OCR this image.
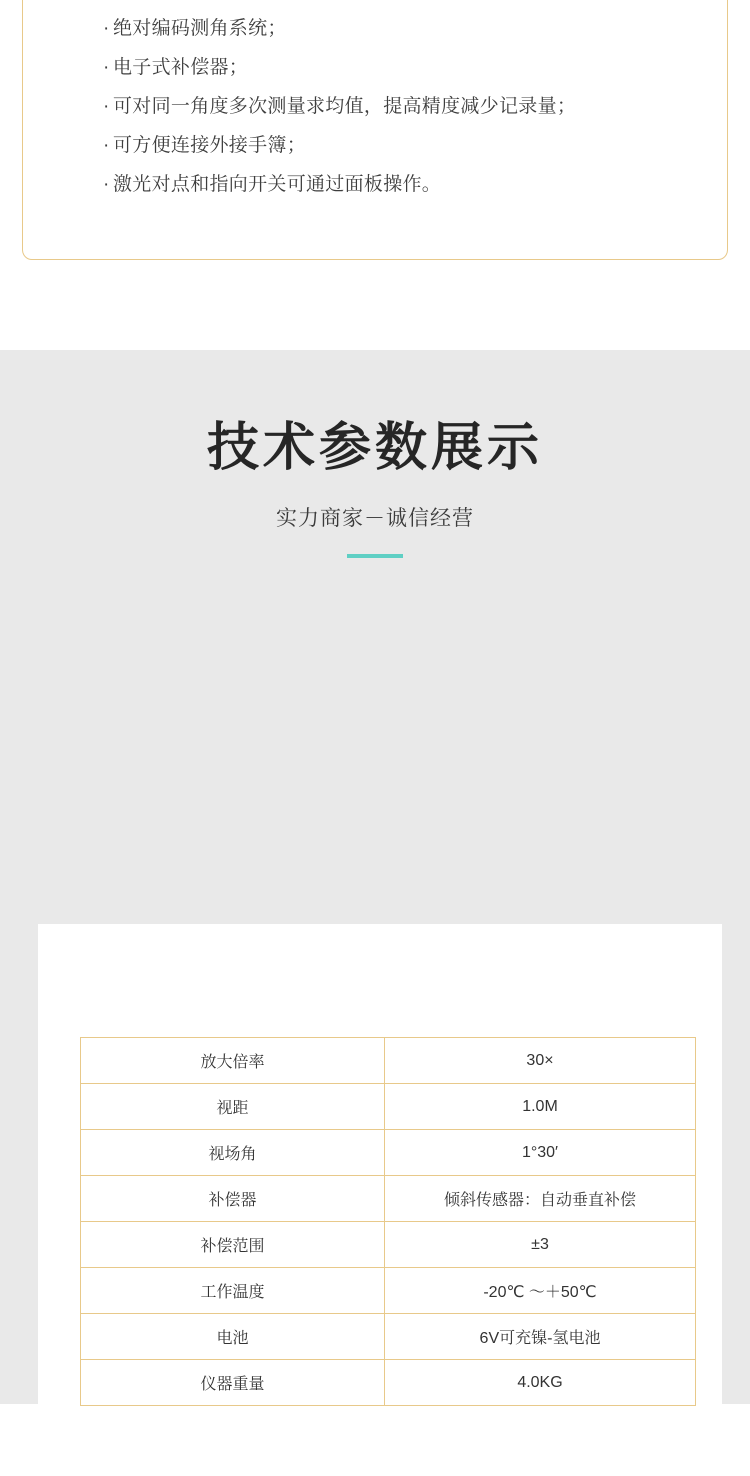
· 绝对编码测角系统；
· 电子式补偿器；
· 可对同一角度多次测量求均值，提高精度减少记录量；
· 可方便连接外接手簿；
· 激光对点和指向开关可通过面板操作。
技术参数展示
实力商家－诚信经营
放大倍率	30×
视距	1.0M
视场角	1°30′
补偿器	倾斜传感器：自动垂直补偿
补偿范围	±3
工作温度	-20℃ ～＋50℃
电池	6V可充镍-氢电池
仪器重量	4.0KG
